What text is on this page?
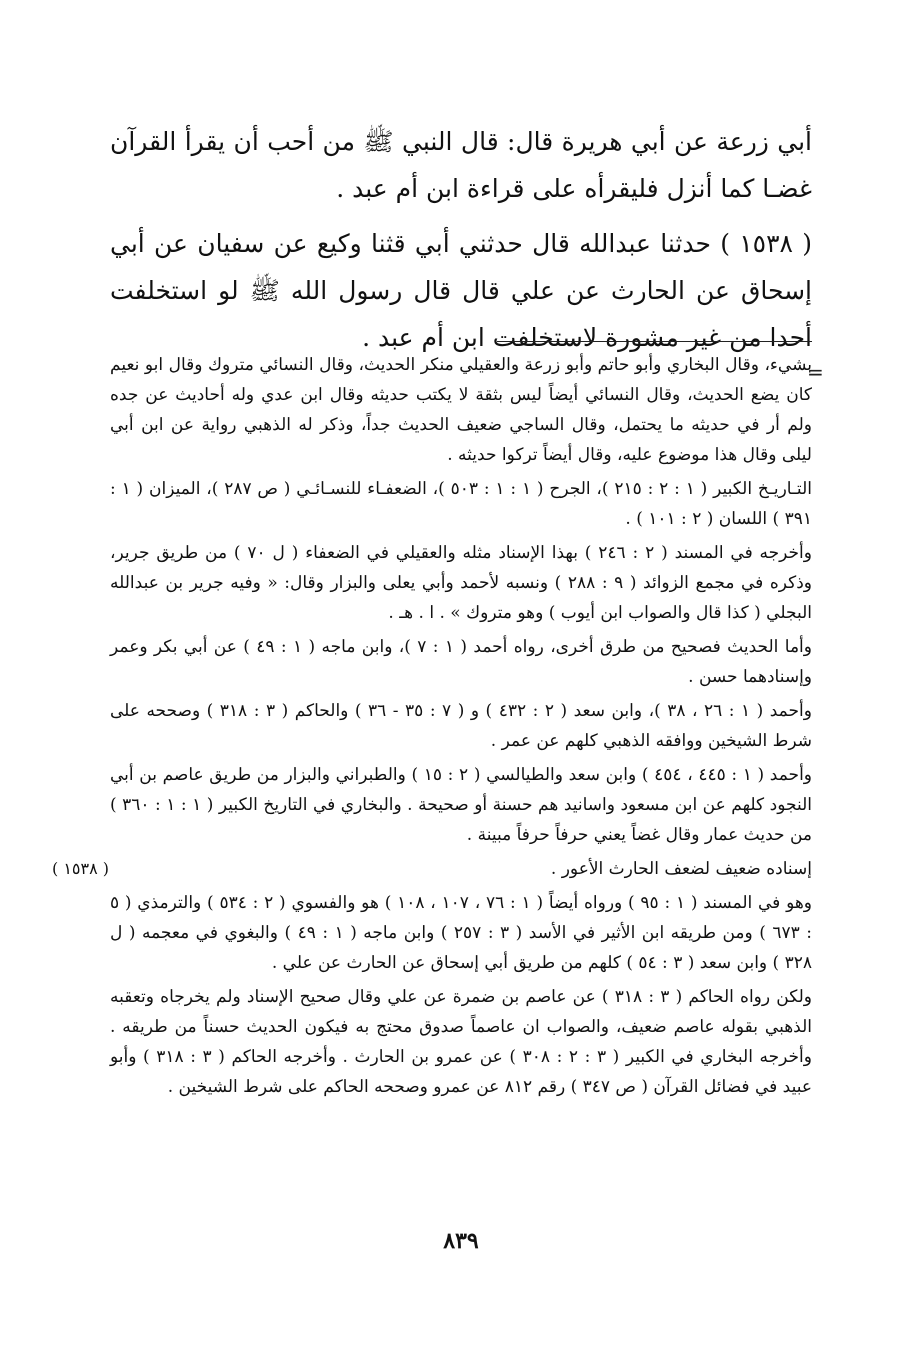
أبي زرعة عن أبي هريرة قال: قال النبي ﷺ من أحب أن يقرأ القرآن غضـا كما أنزل فليقرأه على قراءة ابن أم عبد .

( ١٥٣٨ ) حدثنا عبدالله قال حدثني أبي قثنا وكيع عن سفيان عن أبي إسحاق عن الحارث عن علي قال قال رسول الله ﷺ لو استخلفت أحدا من غير مشورة لاستخلفت ابن أم عبد .

=

بشيء، وقال البخاري وأبو حاتم وأبو زرعة والعقيلي منكر الحديث، وقال النسائي متروك وقال ابو نعيم كان يضع الحديث، وقال النسائي أيضاً ليس بثقة لا يكتب حديثه وقال ابن عدي وله أحاديث عن جده ولم أر في حديثه ما يحتمل، وقال الساجي ضعيف الحديث جداً، وذكر له الذهبي رواية عن ابن أبي ليلى وقال هذا موضوع عليه، وقال أيضاً تركوا حديثه .

التـاريـخ الكبير ( ١ : ٢ : ٢١٥ )، الجرح ( ١ : ١ : ٥٠٣ )، الضعفـاء للنسـائـي ( ص ٢٨٧ )، الميزان ( ١ : ٣٩١ ) اللسان ( ٢ : ١٠١ ) .

وأخرجه في المسند ( ٢ : ٢٤٦ ) بهذا الإسناد مثله والعقيلي في الضعفاء ( ل ٧٠ ) من طريق جرير، وذكره في مجمع الزوائد ( ٩ : ٢٨٨ ) ونسبه لأحمد وأبي يعلى والبزار وقال: « وفيه جرير بن عبدالله البجلي ( كذا قال والصواب ابن أيوب ) وهو متروك » . ا . هـ .

وأما الحديث فصحيح من طرق أخرى، رواه أحمد ( ١ : ٧ )، وابن ماجه ( ١ : ٤٩ ) عن أبي بكر وعمر وإسنادهما حسن .

وأحمد ( ١ : ٢٦ ، ٣٨ )، وابن سعد ( ٢ : ٤٣٢ ) و ( ٧ : ٣٥ - ٣٦ ) والحاكم ( ٣ : ٣١٨ ) وصححه على شرط الشيخين ووافقه الذهبي كلهم عن عمر .

وأحمد ( ١ : ٤٤٥ ، ٤٥٤ ) وابن سعد والطيالسي ( ٢ : ١٥ ) والطبراني والبزار من طريق عاصم بن أبي النجود كلهم عن ابن مسعود واسانيد هم حسنة أو صحيحة . والبخاري في التاريخ الكبير ( ١ : ١ : ٣٦٠ ) من حديث عمار وقال غضاً يعني حرفاً حرفاً مبينة .

( ١٥٣٨ )	إسناده ضعيف لضعف الحارث الأعور .

وهو في المسند ( ١ : ٩٥ ) ورواه أيضاً ( ١ : ٧٦ ، ١٠٧ ، ١٠٨ ) هو والفسوي ( ٢ : ٥٣٤ ) والترمذي ( ٥ : ٦٧٣ ) ومن طريقه ابن الأثير في الأسد ( ٣ : ٢٥٧ ) وابن ماجه ( ١ : ٤٩ ) والبغوي في معجمه ( ل ٣٢٨ ) وابن سعد ( ٣ : ٥٤ ) كلهم من طريق أبي إسحاق عن الحارث عن علي .

ولكن رواه الحاكم ( ٣ : ٣١٨ ) عن عاصم بن ضمرة عن علي وقال صحيح الإسناد ولم يخرجاه وتعقبه الذهبي بقوله عاصم ضعيف، والصواب ان عاصماً صدوق محتج به فيكون الحديث حسناً من طريقه . وأخرجه البخاري في الكبير ( ٣ : ٢ : ٣٠٨ ) عن عمرو بن الحارث . وأخرجه الحاكم ( ٣ : ٣١٨ ) وأبو عبيد في فضائل القرآن ( ص ٣٤٧ ) رقم ٨١٢ عن عمرو وصححه الحاكم على شرط الشيخين .

٨٣٩
